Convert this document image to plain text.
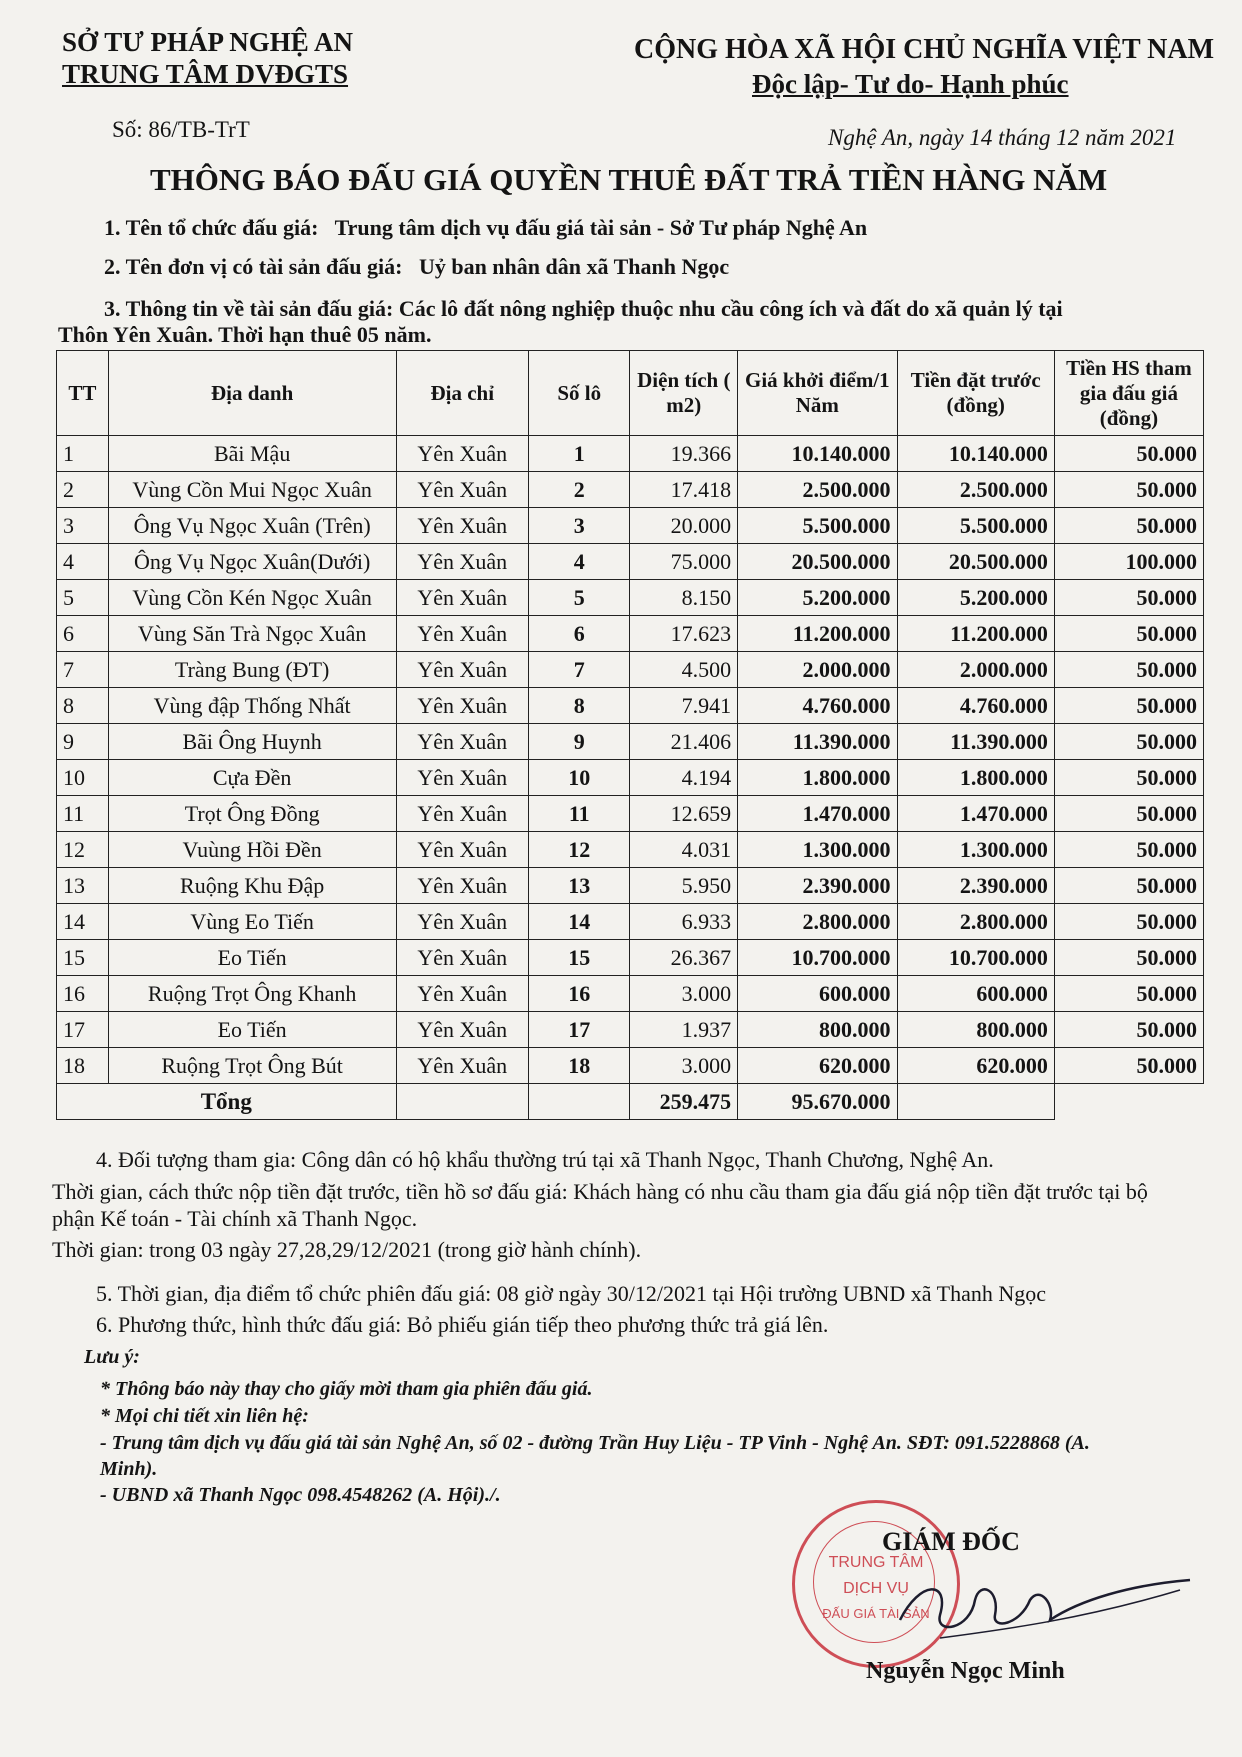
SỞ TƯ PHÁP NGHỆ AN
TRUNG TÂM DVĐGTS
CỘNG HÒA XÃ HỘI CHỦ NGHĨA VIỆT NAM
Độc lập- Tư do- Hạnh phúc
Số: 86/TB-TrT	Nghệ An, ngày 14 tháng 12 năm 2021
THÔNG BÁO ĐẤU GIÁ QUYỀN THUÊ ĐẤT TRẢ TIỀN HÀNG NĂM
1. Tên tổ chức đấu giá: Trung tâm dịch vụ đấu giá tài sản - Sở Tư pháp Nghệ An
2. Tên đơn vị có tài sản đấu giá: Uỷ ban nhân dân xã Thanh Ngọc
3. Thông tin về tài sản đấu giá: Các lô đất nông nghiệp thuộc nhu cầu công ích và đất do xã quản lý tại
Thôn Yên Xuân. Thời hạn thuê 05 năm.
TT	Địa danh	Địa chỉ	Số lô	Diện tích ( m2)	Giá khởi điểm/1 Năm	Tiền đặt trước (đồng)	Tiền HS tham gia đấu giá (đồng)
1	Bãi Mậu	Yên Xuân	1	19.366	10.140.000	10.140.000	50.000
2	Vùng Cồn Mui Ngọc Xuân	Yên Xuân	2	17.418	2.500.000	2.500.000	50.000
3	Ông Vụ Ngọc Xuân (Trên)	Yên Xuân	3	20.000	5.500.000	5.500.000	50.000
4	Ông Vụ Ngọc Xuân(Dưới)	Yên Xuân	4	75.000	20.500.000	20.500.000	100.000
5	Vùng Cồn Kén Ngọc Xuân	Yên Xuân	5	8.150	5.200.000	5.200.000	50.000
6	Vùng Săn Trà Ngọc Xuân	Yên Xuân	6	17.623	11.200.000	11.200.000	50.000
7	Tràng Bung (ĐT)	Yên Xuân	7	4.500	2.000.000	2.000.000	50.000
8	Vùng đập Thống Nhất	Yên Xuân	8	7.941	4.760.000	4.760.000	50.000
9	Bãi Ông Huynh	Yên Xuân	9	21.406	11.390.000	11.390.000	50.000
10	Cựa Đền	Yên Xuân	10	4.194	1.800.000	1.800.000	50.000
11	Trọt Ông Đồng	Yên Xuân	11	12.659	1.470.000	1.470.000	50.000
12	Vuùng Hồi Đền	Yên Xuân	12	4.031	1.300.000	1.300.000	50.000
13	Ruộng Khu Đập	Yên Xuân	13	5.950	2.390.000	2.390.000	50.000
14	Vùng Eo Tiến	Yên Xuân	14	6.933	2.800.000	2.800.000	50.000
15	Eo Tiến	Yên Xuân	15	26.367	10.700.000	10.700.000	50.000
16	Ruộng Trọt Ông Khanh	Yên Xuân	16	3.000	600.000	600.000	50.000
17	Eo Tiến	Yên Xuân	17	1.937	800.000	800.000	50.000
18	Ruộng Trọt Ông Bút	Yên Xuân	18	3.000	620.000	620.000	50.000
Tổng				259.475	95.670.000		
4. Đối tượng tham gia: Công dân có hộ khẩu thường trú tại xã Thanh Ngọc, Thanh Chương, Nghệ An.
Thời gian, cách thức nộp tiền đặt trước, tiền hồ sơ đấu giá: Khách hàng có nhu cầu tham gia đấu giá nộp tiền đặt trước tại bộ
phận Kế toán - Tài chính xã Thanh Ngọc.
Thời gian: trong 03 ngày 27,28,29/12/2021 (trong giờ hành chính).
5. Thời gian, địa điểm tổ chức phiên đấu giá: 08 giờ ngày 30/12/2021 tại Hội trường UBND xã Thanh Ngọc
6. Phương thức, hình thức đấu giá: Bỏ phiếu gián tiếp theo phương thức trả giá lên.
Lưu ý:
* Thông báo này thay cho giấy mời tham gia phiên đấu giá.
* Mọi chi tiết xin liên hệ:
- Trung tâm dịch vụ đấu giá tài sản Nghệ An, số 02 - đường Trần Huy Liệu - TP Vinh - Nghệ An. SĐT: 091.5228868 (A.
Minh).
- UBND xã Thanh Ngọc 098.4548262 (A. Hội)./.
TRUNG TÂM
DỊCH VỤ
ĐẤU GIÁ TÀI SẢN
GIÁM ĐỐC
Nguyễn Ngọc Minh
